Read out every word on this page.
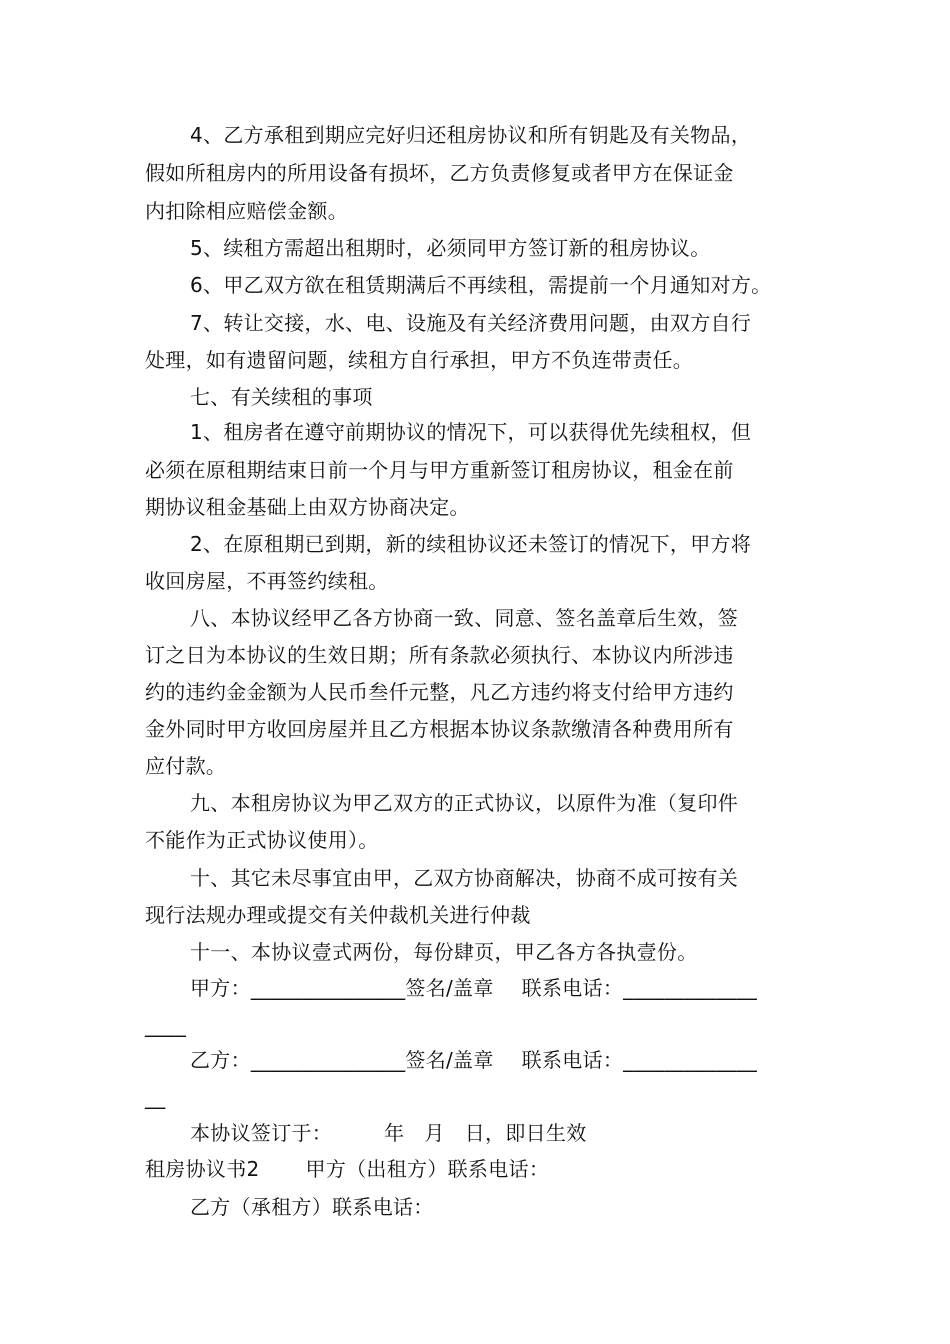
4、乙方承租到期应完好归还租房协议和所有钥匙及有关物品，

假如所租房内的所用设备有损坏，乙方负责修复或者甲方在保证金

内扣除相应赔偿金额。

5、续租方需超出租期时，必须同甲方签订新的租房协议。

6、甲乙双方欲在租赁期满后不再续租，需提前一个月通知对方。

7、转让交接，水、电、设施及有关经济费用问题，由双方自行

处理，如有遗留问题，续租方自行承担，甲方不负连带责任。

七、有关续租的事项

1、租房者在遵守前期协议的情况下，可以获得优先续租权，但

必须在原租期结束日前一个月与甲方重新签订租房协议，租金在前

期协议租金基础上由双方协商决定。

2、在原租期已到期，新的续租协议还未签订的情况下，甲方将

收回房屋，不再签约续租。

八、本协议经甲乙各方协商一致、同意、签名盖章后生效，签

订之日为本协议的生效日期；所有条款必须执行、本协议内所涉违

约的违约金金额为人民币叁仟元整，凡乙方违约将支付给甲方违约

金外同时甲方收回房屋并且乙方根据本协议条款缴清各种费用所有

应付款。

九、本租房协议为甲乙双方的正式协议，以原件为准（复印件

不能作为正式协议使用）。

十、其它未尽事宜由甲，乙双方协商解决，协商不成可按有关

现行法规办理或提交有关仲裁机关进行仲裁

十一、本协议壹式两份，每份肆页，甲乙各方各执壹份。

甲方：_______________签名/盖章 联系电话：_____________

____

乙方：_______________签名/盖章 联系电话：_____________

__

本协议签订于：	年 月 日，即日生效

租房协议书2 甲方（出租方）联系电话：

乙方（承租方）联系电话：
